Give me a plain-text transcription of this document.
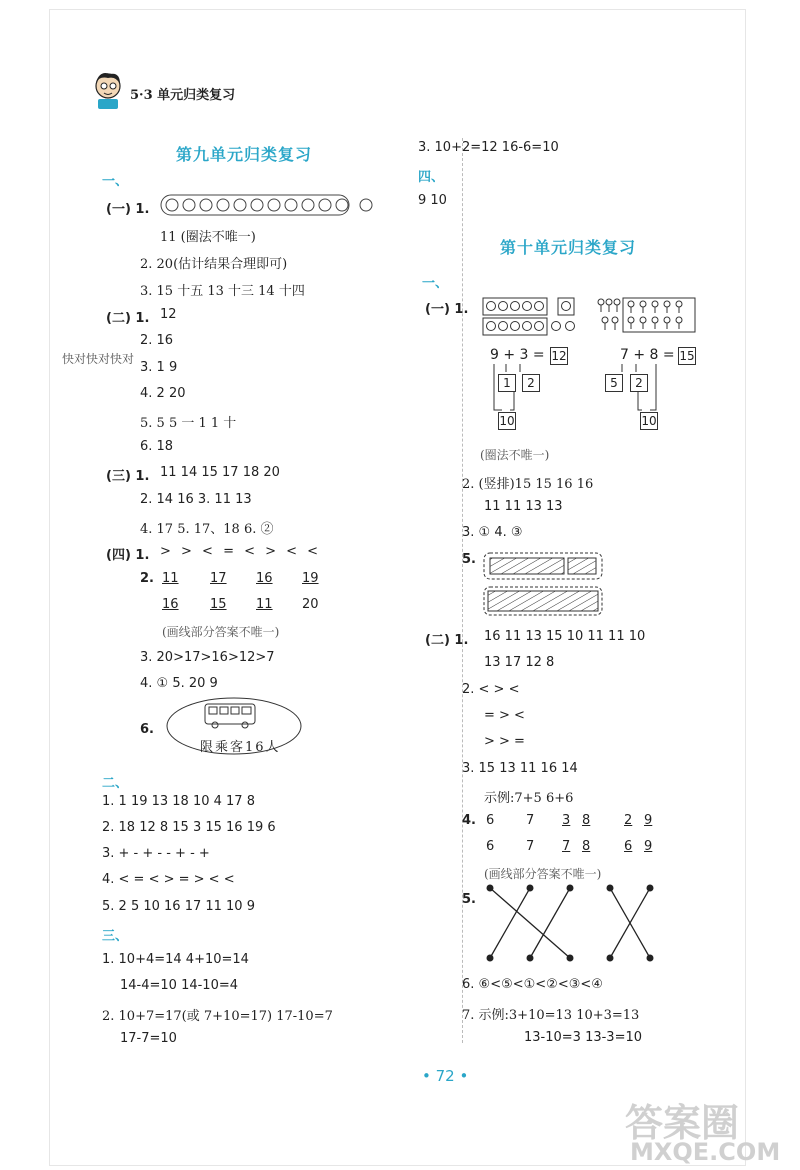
5·3 单元归类复习
第九单元归类复习
一、
(一) 1.
11 (圈法不唯一)
2. 20(估计结果合理即可)
3. 15 十五 13 十三 14 十四
(二) 1. 12
2. 16
3. 1 9
4. 2 20
5. 5 5 一 1 1 十
6. 18
(三) 1. 11 14 15 17 18 20
2. 14 16 3. 11 13
4. 17 5. 17、18 6. ②
(四) 1. > > < = < > < <
2. 11 17 16 19
16 15 11 20
(画线部分答案不唯一)
3. 20>17>16>12>7
4. ① 5. 20 9
6.
限乘客16人
二、
1. 1 19 13 18 10 4 17 8
2. 18 12 8 15 3 15 16 19 6
3. + - + - - + - +
4. < = < > = > < <
5. 2 5 10 16 17 11 10 9
三、
1. 10+4=14 4+10=14
14-4=10 14-10=4
2. 10+7=17(或 7+10=17) 17-10=7
17-7=10
3. 10+2=12 16-6=10
四、
9 10
第十单元归类复习
一、
(一) 1.
9 + 3 = 12
1	2
10
7 + 8 = 15
5	2
10
(圈法不唯一)
2. (竖排)15 15 16 16
11 11 13 13
3. ① 4. ③
5.
(二) 1. 16 11 13 15 10 11 11 10
13 17 12 8
2. < > <
= > <
> > =
3. 15 13 11 16 14
示例:7+5 6+6
4. 6 7 3 8	2 9
6 7 7 8	6 9
(画线部分答案不唯一)
5.
6. ⑥<⑤<①<②<③<④
7. 示例:3+10=13 10+3=13
13-10=3 13-3=10
• 72 •
快对快对快对
答案圈
MXQE.COM
